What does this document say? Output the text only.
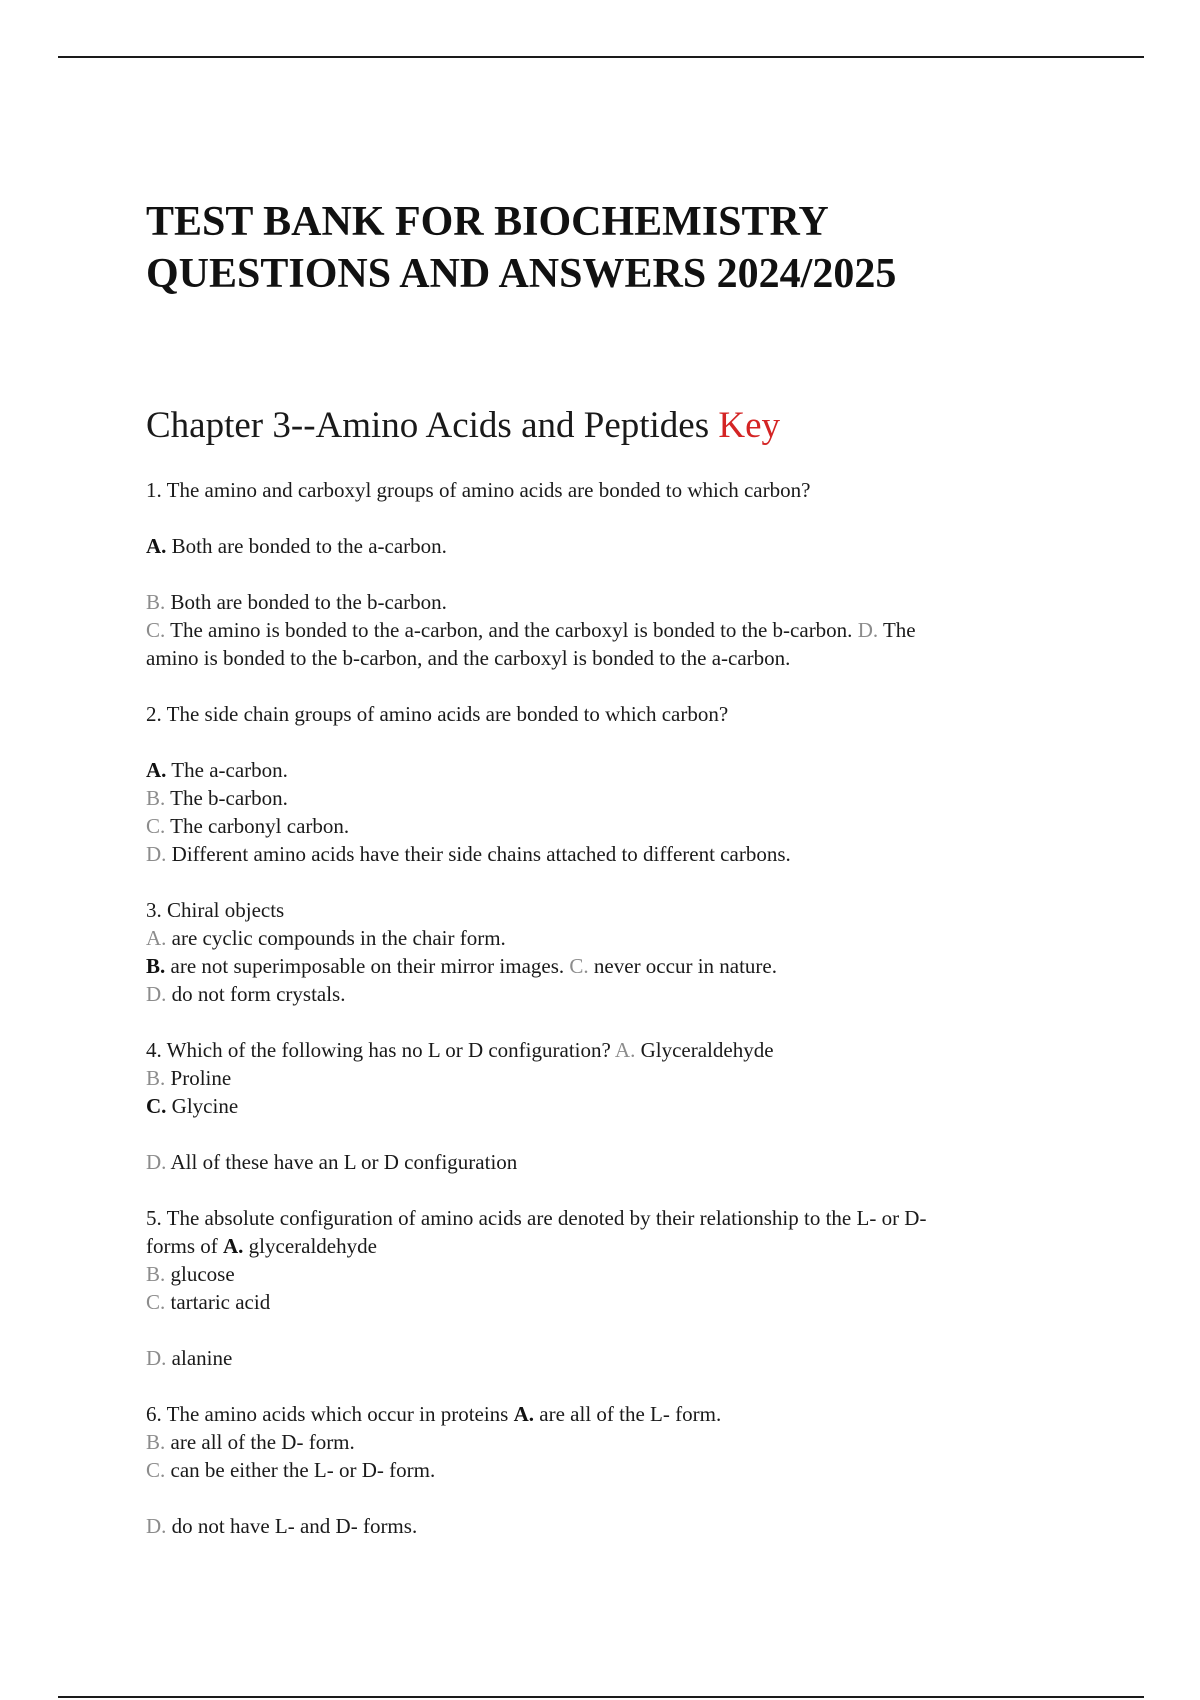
TEST BANK FOR BIOCHEMISTRY
QUESTIONS AND ANSWERS 2024/2025
Chapter 3--Amino Acids and Peptides Key
1. The amino and carboxyl groups of amino acids are bonded to which carbon?
A. Both are bonded to the a-carbon.
B. Both are bonded to the b-carbon.
C. The amino is bonded to the a-carbon, and the carboxyl is bonded to the b-carbon. D. The
amino is bonded to the b-carbon, and the carboxyl is bonded to the a-carbon.
2. The side chain groups of amino acids are bonded to which carbon?
A. The a-carbon.
B. The b-carbon.
C. The carbonyl carbon.
D. Different amino acids have their side chains attached to different carbons.
3. Chiral objects
A. are cyclic compounds in the chair form.
B. are not superimposable on their mirror images. C. never occur in nature.
D. do not form crystals.
4. Which of the following has no L or D configuration? A. Glyceraldehyde
B. Proline
C. Glycine
D. All of these have an L or D configuration
5. The absolute configuration of amino acids are denoted by their relationship to the L- or D-
forms of A. glyceraldehyde
B. glucose
C. tartaric acid
D. alanine
6. The amino acids which occur in proteins A. are all of the L- form.
B. are all of the D- form.
C. can be either the L- or D- form.
D. do not have L- and D- forms.
